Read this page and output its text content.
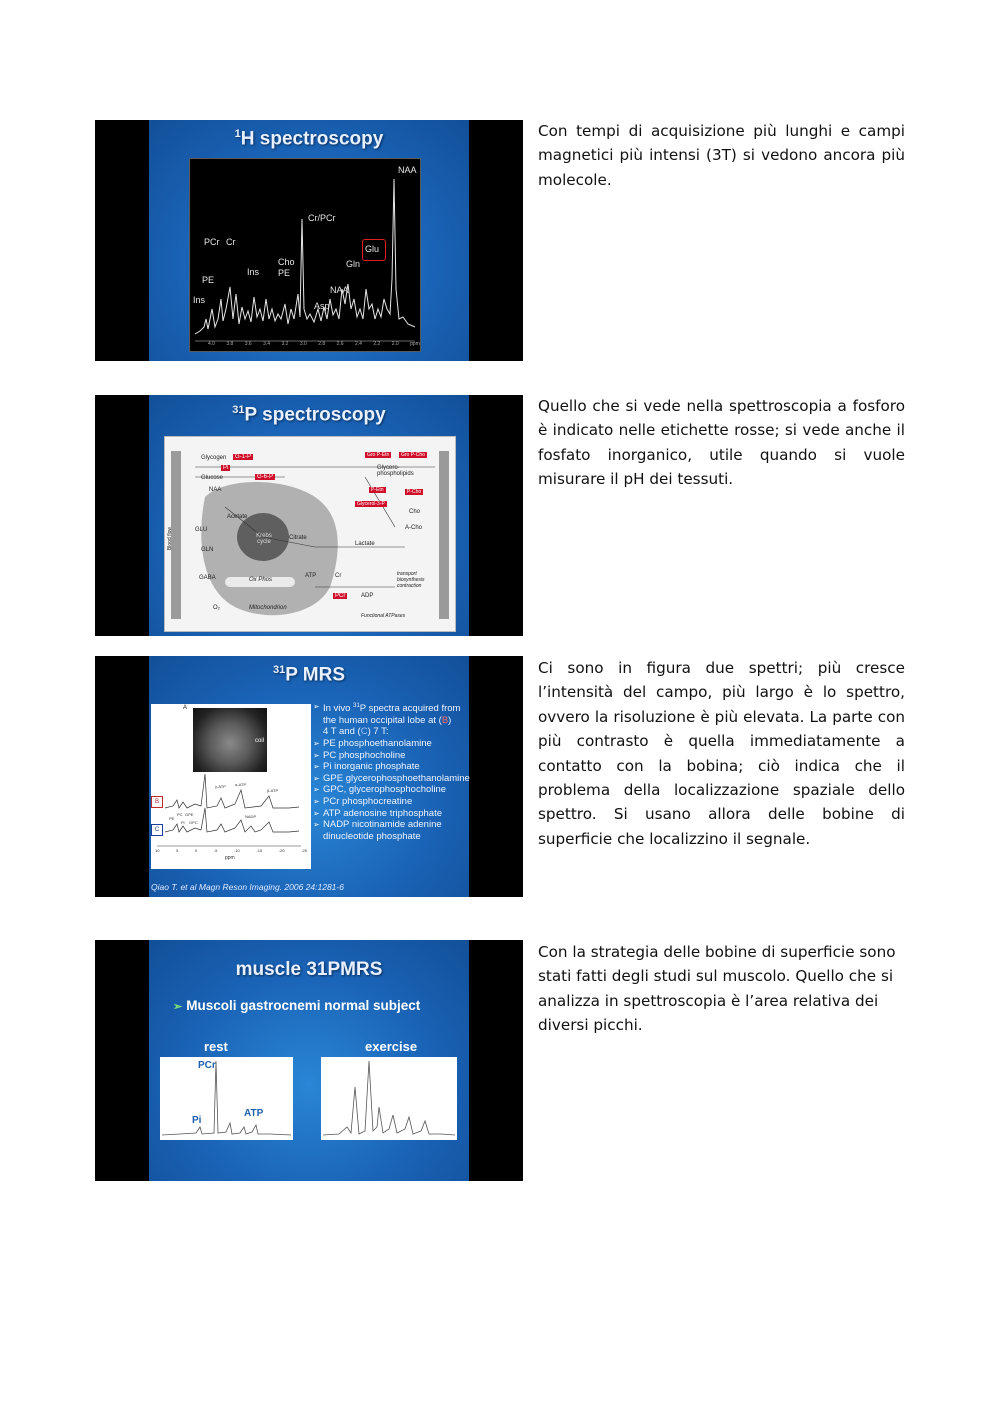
$^1$H spectroscopy
NAA
Cr/PCr
PCr Cr
PE
Ins
Ins
Cho
PE
Glu
Gln
NAA
Asp
4.0 3.8 3.6 3.4 3.2 3.0 2.8 2.6 2.4 2.2 2.0 ppm
Con tempi di acquisizione più lunghi e campi magnetici più intensi (3T) si vedono ancora più molecole.
$^{31}$P spectroscopy
Glycogen	G-1-P
Pi
Glucose	G-6-P
NAA
Acetate
GLU
GLN
GABA
Krebs cycle
Ox Phos
Mitochondrion
Citrate
Lactate
ATP	Cr
PCr	ADP
O₂
Blood flow
Glycero-phospholipids
Gro P-Etn	Gro P-Cho
P-Etn	P-Cho
Cho
A-Cho
Glycerol-3-P
transport biosynthesis contraction
Functional ATPases
Quello che si vede nella spettroscopia a fosforo è indicato nelle etichette rosse; si vede anche il fosfato inorganico, utile quando si vuole misurare il pH dei tessuti.
$^{31}$P MRS
A
coil
B
C
PCr
γ-ATP α-ATP
β-ATP
PE
PC GPE
GPC
Pi
NADP
10	5	0	-5	-10	-15	-20	-25
ppm
➢ In vivo $^{31}$P spectra acquired from
the human occipital lobe at (B)
4 T and (C) 7 T:
➢ PE phosphoethanolamine
➢ PC phosphocholine
➢ Pi inorganic phosphate
➢ GPE glycerophosphoethanolamine
➢ GPC, glycerophosphocholine
➢ PCr phosphocreatine
➢ ATP adenosine triphosphate
➢ NADP nicotinamide adenine dinucleotide phosphate
Qiao T. et al Magn Reson Imaging. 2006 24:1281-6
Ci sono in figura due spettri; più cresce l’intensità del campo, più largo è lo spettro, ovvero la risoluzione è più elevata. La parte con più contrasto è quella immediatamente a contatto con la bobina; ciò indica che il problema della localizzazione spaziale dello spettro. Si usano allora delle bobine di superficie che localizzino il segnale.
muscle 31PMRS
➢ Muscoli gastrocnemi normal subject
rest	exercise
PCr
Pi
ATP
Con la strategia delle bobine di superficie sono stati fatti degli studi sul muscolo. Quello che si analizza in spettroscopia è l’area relativa dei diversi picchi.
